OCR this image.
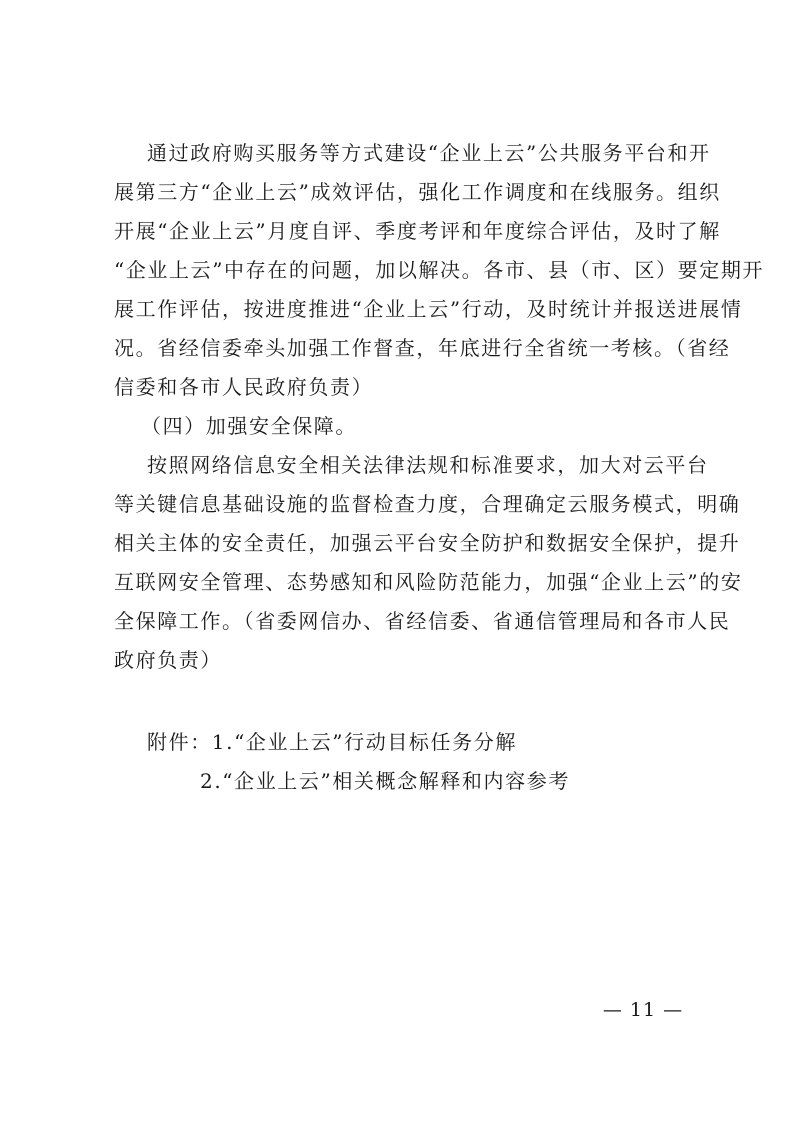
通过政府购买服务等方式建设“企业上云”公共服务平台和开
展第三方“企业上云”成效评估，强化工作调度和在线服务。组织
开展“企业上云”月度自评、季度考评和年度综合评估，及时了解
“企业上云”中存在的问题，加以解决。各市、县（市、区）要定期开
展工作评估，按进度推进“企业上云”行动，及时统计并报送进展情
况。省经信委牵头加强工作督查，年底进行全省统一考核。（省经
信委和各市人民政府负责）
（四）加强安全保障。
按照网络信息安全相关法律法规和标准要求，加大对云平台
等关键信息基础设施的监督检查力度，合理确定云服务模式，明确
相关主体的安全责任，加强云平台安全防护和数据安全保护，提升
互联网安全管理、态势感知和风险防范能力，加强“企业上云”的安
全保障工作。（省委网信办、省经信委、省通信管理局和各市人民
政府负责）
附件：1.“企业上云”行动目标任务分解
2.“企业上云”相关概念解释和内容参考
— 11 —
